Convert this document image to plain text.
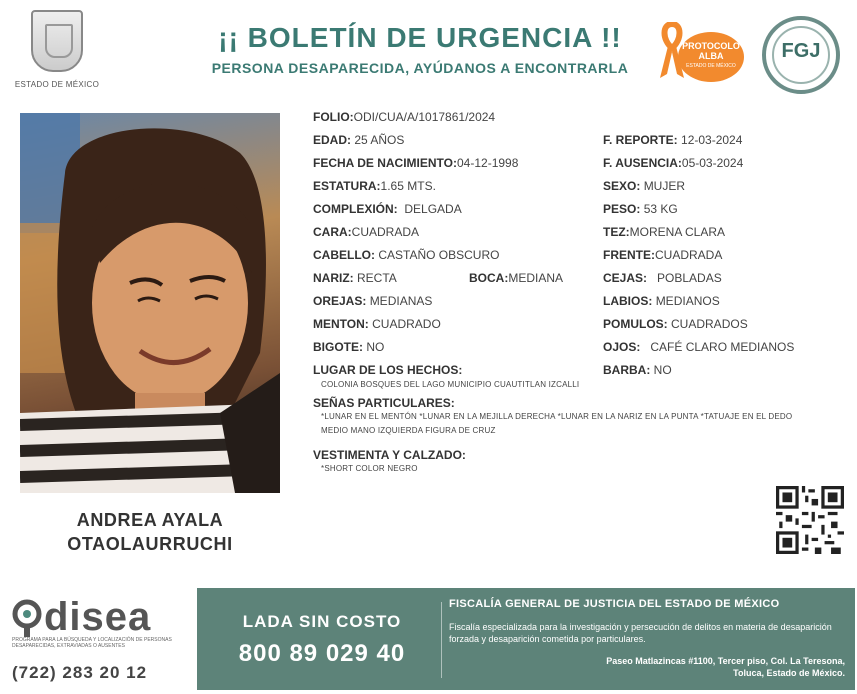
ESTADO DE MÉXICO
¡¡ BOLETÍN DE URGENCIA !!
PERSONA DESAPARECIDA, AYÚDANOS A ENCONTRARLA
PROTOCOLO
ALBA
ESTADO DE MÉXICO
FGJ
ANDREA AYALA
OTAOLAURRUCHI
FOLIO:ODI/CUA/A/1017861/2024
EDAD: 25 AÑOS	F. REPORTE: 12-03-2024
FECHA DE NACIMIENTO:04-12-1998	F. AUSENCIA:05-03-2024
ESTATURA:1.65 MTS.	SEXO: MUJER
COMPLEXIÓN: DELGADA	PESO: 53 KG
CARA:CUADRADA	TEZ:MORENA CLARA
CABELLO: CASTAÑO OBSCURO	FRENTE:CUADRADA
NARIZ: RECTA	BOCA:MEDIANA	CEJAS: POBLADAS
OREJAS: MEDIANAS	LABIOS: MEDIANOS
MENTON: CUADRADO	POMULOS: CUADRADOS
BIGOTE: NO	OJOS: CAFÉ CLARO MEDIANOS
LUGAR DE LOS HECHOS:	BARBA: NO
COLONIA BOSQUES DEL LAGO MUNICIPIO CUAUTITLAN IZCALLI
SEÑAS PARTICULARES:
*LUNAR EN EL MENTÓN *LUNAR EN LA MEJILLA DERECHA *LUNAR EN LA NARIZ EN LA PUNTA *TATUAJE EN EL DEDO MEDIO MANO IZQUIERDA FIGURA DE CRUZ
VESTIMENTA Y CALZADO:
*SHORT COLOR NEGRO
disea
PROGRAMA PARA LA BÚSQUEDA Y LOCALIZACIÓN DE PERSONAS DESAPARECIDAS, EXTRAVIADAS O AUSENTES
(722) 283 20 12
LADA SIN COSTO
800 89 029 40
FISCALÍA GENERAL DE JUSTICIA DEL ESTADO DE MÉXICO
Fiscalía especializada para la investigación y persecución de delitos en materia de desaparición forzada y desaparición cometida por particulares.
Paseo Matlazincas #1100, Tercer piso, Col. La Teresona,
Toluca, Estado de México.
